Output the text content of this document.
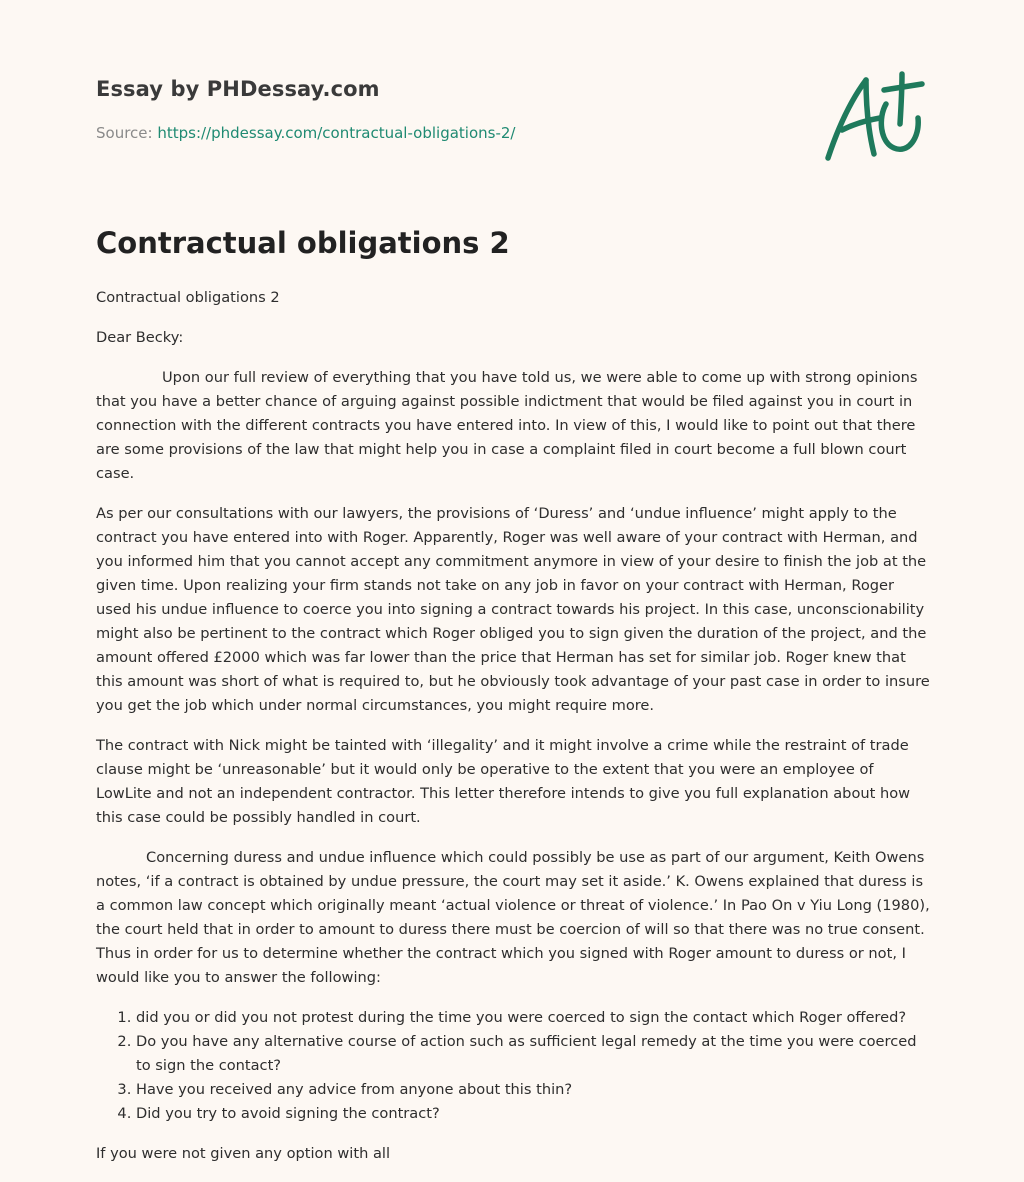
Essay by PHDessay.com
Source: https://phdessay.com/contractual-obligations-2/
Contractual obligations 2

Contractual obligations 2

Dear Becky:

Upon our full review of everything that you have told us, we were able to come up with strong opinions that you have a better chance of arguing against possible indictment that would be filed against you in court in connection with the different contracts you have entered into. In view of this, I would like to point out that there are some provisions of the law that might help you in case a complaint filed in court become a full blown court case.

As per our consultations with our lawyers, the provisions of ‘Duress’ and ‘undue influence’ might apply to the contract you have entered into with Roger. Apparently, Roger was well aware of your contract with Herman, and you informed him that you cannot accept any commitment anymore in view of your desire to finish the job at the given time. Upon realizing your firm stands not take on any job in favor on your contract with Herman, Roger used his undue influence to coerce you into signing a contract towards his project. In this case, unconscionability might also be pertinent to the contract which Roger obliged you to sign given the duration of the project, and the amount offered £2000 which was far lower than the price that Herman has set for similar job. Roger knew that this amount was short of what is required to, but he obviously took advantage of your past case in order to insure you get the job which under normal circumstances, you might require more.

The contract with Nick might be tainted with ‘illegality’ and it might involve a crime while the restraint of trade clause might be ‘unreasonable’ but it would only be operative to the extent that you were an employee of LowLite and not an independent contractor. This letter therefore intends to give you full explanation about how this case could be possibly handled in court.

Concerning duress and undue influence which could possibly be use as part of our argument, Keith Owens notes, ‘if a contract is obtained by undue pressure, the court may set it aside.’ K. Owens explained that duress is a common law concept which originally meant ‘actual violence or threat of violence.’ In Pao On v Yiu Long (1980), the court held that in order to amount to duress there must be coercion of will so that there was no true consent. Thus in order for us to determine whether the contract which you signed with Roger amount to duress or not, I would like you to answer the following:

1. did you or did you not protest during the time you were coerced to sign the contact which Roger offered?
2. Do you have any alternative course of action such as sufficient legal remedy at the time you were coerced to sign the contact?
3. Have you received any advice from anyone about this thin?
4. Did you try to avoid signing the contract?

If you were not given any option with all
